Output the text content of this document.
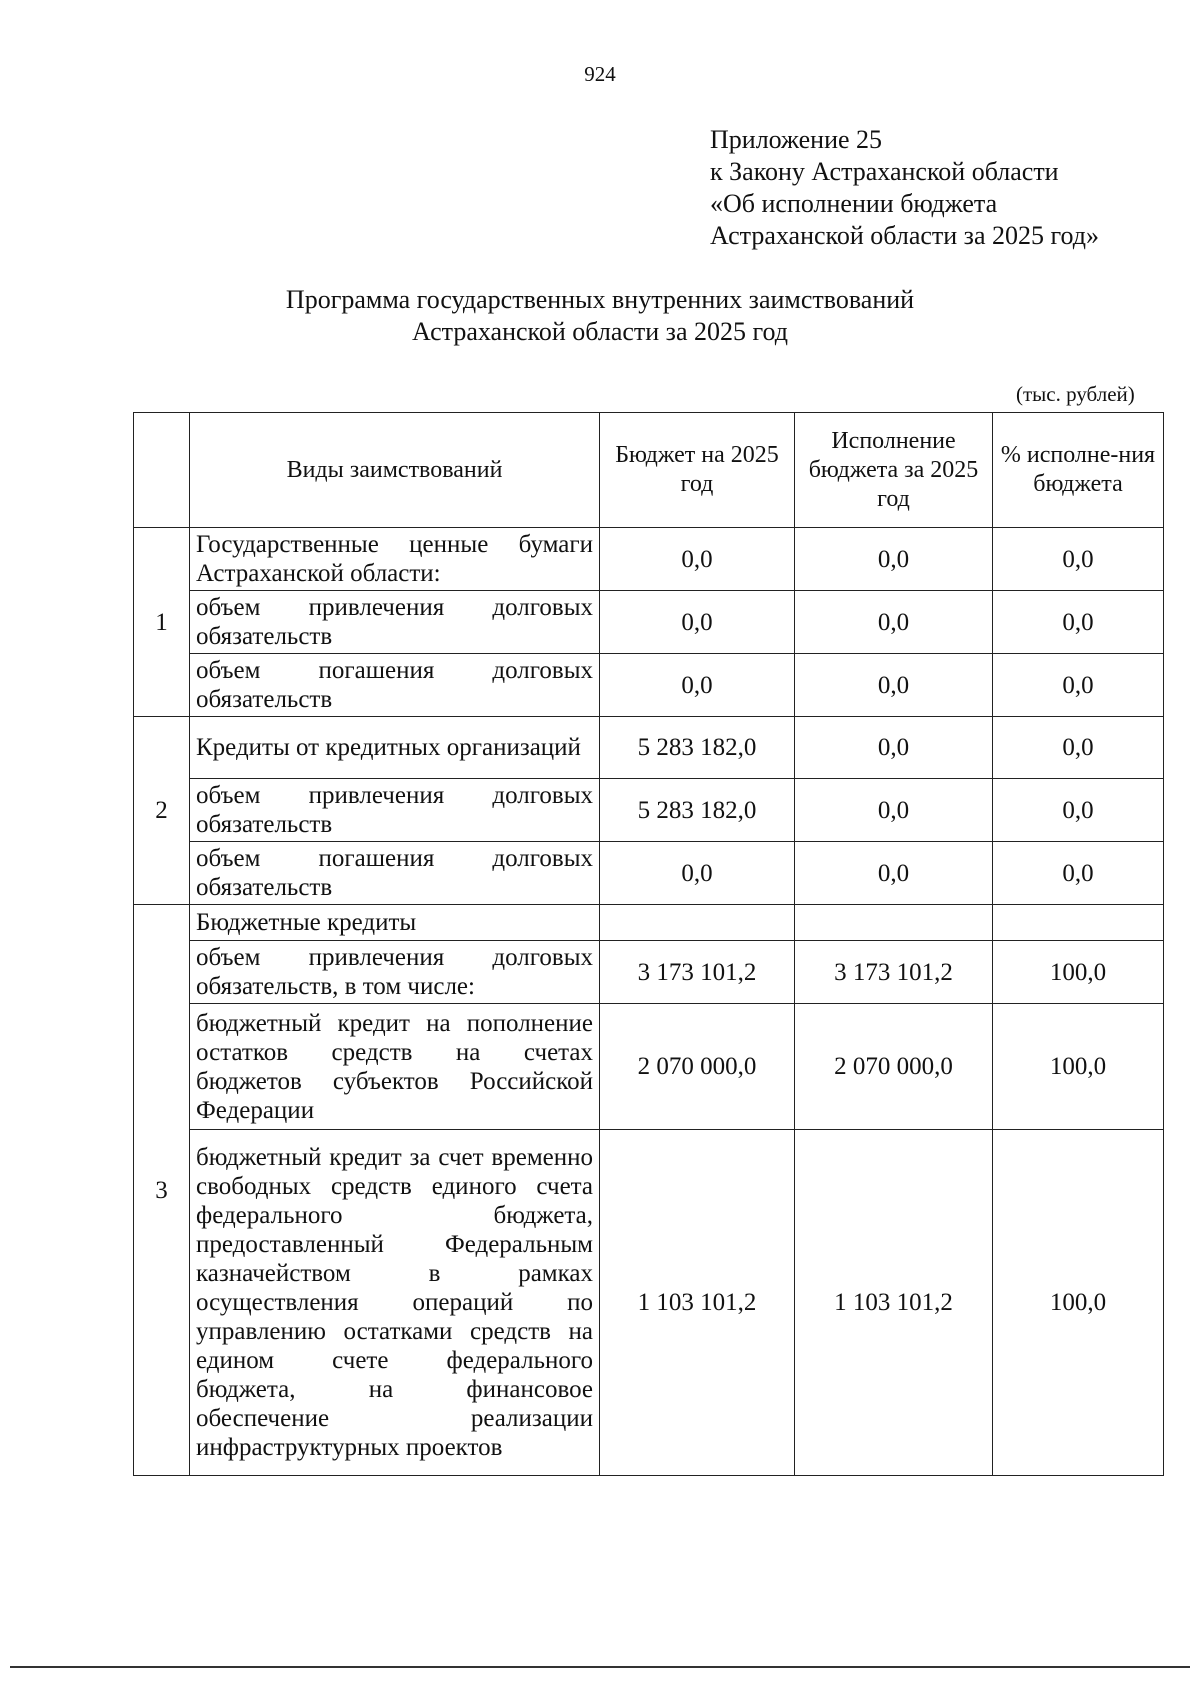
924
Приложение 25
к Закону Астраханской области
«Об исполнении бюджета
Астраханской области за 2025 год»
Программа государственных внутренних заимствований
Астраханской области за 2025 год
(тыс. рублей)
	Виды заимствований	Бюджет на 2025 год	Исполнение бюджета за 2025 год	% исполне-ния бюджета
1	Государственные ценные бумаги Астраханской области:	0,0	0,0	0,0
	объем привлечения долговых обязательств	0,0	0,0	0,0
	объем погашения долговых обязательств	0,0	0,0	0,0
2	Кредиты от кредитных организаций	5 283 182,0	0,0	0,0
	объем привлечения долговых обязательств	5 283 182,0	0,0	0,0
	объем погашения долговых обязательств	0,0	0,0	0,0
3	Бюджетные кредиты			
	объем привлечения долговых обязательств, в том числе:	3 173 101,2	3 173 101,2	100,0
	бюджетный кредит на пополнение остатков средств на счетах бюджетов субъектов Российской Федерации	2 070 000,0	2 070 000,0	100,0
	бюджетный кредит за счет временно свободных средств единого счета федерального бюджета, предоставленный Федеральным казначейством в рамках осуществления операций по управлению остатками средств на едином счете федерального бюджета, на финансовое обеспечение реализации инфраструктурных проектов	1 103 101,2	1 103 101,2	100,0
